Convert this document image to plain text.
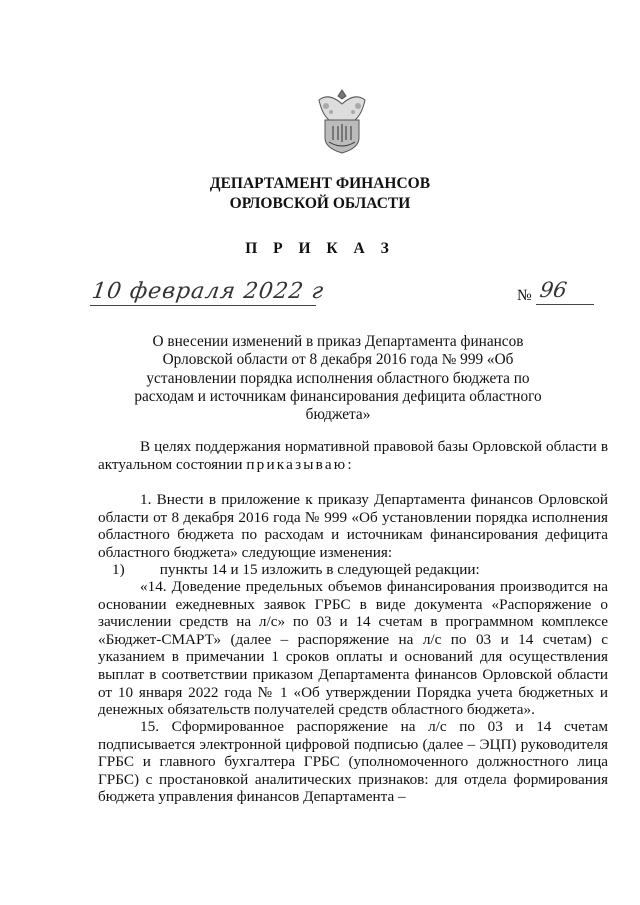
ДЕПАРТАМЕНТ ФИНАНСОВ
ОРЛОВСКОЙ ОБЛАСТИ
П Р И К А З
10 февраля 2022 г	№ 96
О внесении изменений в приказ Департамента финансов Орловской области от 8 декабря 2016 года № 999 «Об установлении порядка исполнения областного бюджета по расходам и источникам финансирования дефицита областного бюджета»
В целях поддержания нормативной правовой базы Орловской области в актуальном состоянии приказываю:
1. Внести в приложение к приказу Департамента финансов Орловской области от 8 декабря 2016 года № 999 «Об установлении порядка исполнения областного бюджета по расходам и источникам финансирования дефицита областного бюджета» следующие изменения:
1) пункты 14 и 15 изложить в следующей редакции:
«14. Доведение предельных объемов финансирования производится на основании ежедневных заявок ГРБС в виде документа «Распоряжение о зачислении средств на л/с» по 03 и 14 счетам в программном комплексе «Бюджет-СМАРТ» (далее – распоряжение на л/с по 03 и 14 счетам) с указанием в примечании 1 сроков оплаты и оснований для осуществления выплат в соответствии приказом Департамента финансов Орловской области от 10 января 2022 года № 1 «Об утверждении Порядка учета бюджетных и денежных обязательств получателей средств областного бюджета».
15. Сформированное распоряжение на л/с по 03 и 14 счетам подписывается электронной цифровой подписью (далее – ЭЦП) руководителя ГРБС и главного бухгалтера ГРБС (уполномоченного должностного лица ГРБС) с простановкой аналитических признаков: для отдела формирования бюджета управления финансов Департамента –
